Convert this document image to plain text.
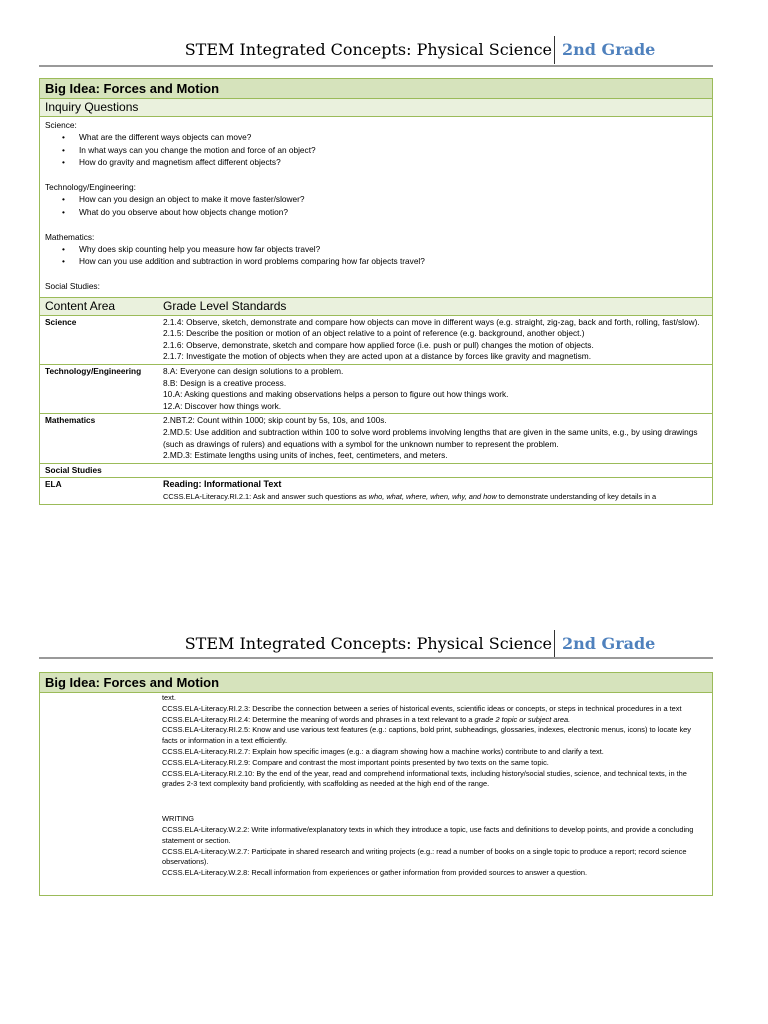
STEM Integrated Concepts: Physical Science 2nd Grade
Big Idea: Forces and Motion
Inquiry Questions
Science:
• What are the different ways objects can move?
• In what ways can you change the motion and force of an object?
• How do gravity and magnetism affect different objects?
Technology/Engineering:
• How can you design an object to make it move faster/slower?
• What do you observe about how objects change motion?
Mathematics:
• Why does skip counting help you measure how far objects travel?
• How can you use addition and subtraction in word problems comparing how far objects travel?
Social Studies:
Content Area	Grade Level Standards
Science	2.1.4: Observe, sketch, demonstrate and compare how objects can move in different ways (e.g. straight, zig-zag, back and forth, rolling, fast/slow).
2.1.5: Describe the position or motion of an object relative to a point of reference (e.g. background, another object.)
2.1.6: Observe, demonstrate, sketch and compare how applied force (i.e. push or pull) changes the motion of objects.
2.1.7: Investigate the motion of objects when they are acted upon at a distance by forces like gravity and magnetism.
Technology/Engineering	8.A: Everyone can design solutions to a problem.
8.B: Design is a creative process.
10.A: Asking questions and making observations helps a person to figure out how things work.
12.A: Discover how things work.
Mathematics	2.NBT.2: Count within 1000; skip count by 5s, 10s, and 100s.
2.MD.5: Use addition and subtraction within 100 to solve word problems involving lengths that are given in the same units, e.g., by using drawings (such as drawings of rulers) and equations with a symbol for the unknown number to represent the problem.
2.MD.3: Estimate lengths using units of inches, feet, centimeters, and meters.
Social Studies
ELA	Reading: Informational Text
CCSS.ELA-Literacy.RI.2.1: Ask and answer such questions as who, what, where, when, why, and how to demonstrate understanding of key details in a
STEM Integrated Concepts: Physical Science 2nd Grade
Big Idea: Forces and Motion
text.
CCSS.ELA-Literacy.RI.2.3: Describe the connection between a series of historical events, scientific ideas or concepts, or steps in technical procedures in a text
CCSS.ELA-Literacy.RI.2.4: Determine the meaning of words and phrases in a text relevant to a grade 2 topic or subject area.
CCSS.ELA-Literacy.RI.2.5: Know and use various text features (e.g.: captions, bold print, subheadings, glossaries, indexes, electronic menus, icons) to locate key facts or information in a text efficiently.
CCSS.ELA-Literacy.RI.2.7: Explain how specific images (e.g.: a diagram showing how a machine works) contribute to and clarify a text.
CCSS.ELA-Literacy.RI.2.9: Compare and contrast the most important points presented by two texts on the same topic.
CCSS.ELA-Literacy.RI.2.10: By the end of the year, read and comprehend informational texts, including history/social studies, science, and technical texts, in the grades 2-3 text complexity band proficiently, with scaffolding as needed at the high end of the range.
WRITING
CCSS.ELA-Literacy.W.2.2: Write informative/explanatory texts in which they introduce a topic, use facts and definitions to develop points, and provide a concluding statement or section.
CCSS.ELA-Literacy.W.2.7: Participate in shared research and writing projects (e.g.: read a number of books on a single topic to produce a report; record science observations).
CCSS.ELA-Literacy.W.2.8: Recall information from experiences or gather information from provided sources to answer a question.
